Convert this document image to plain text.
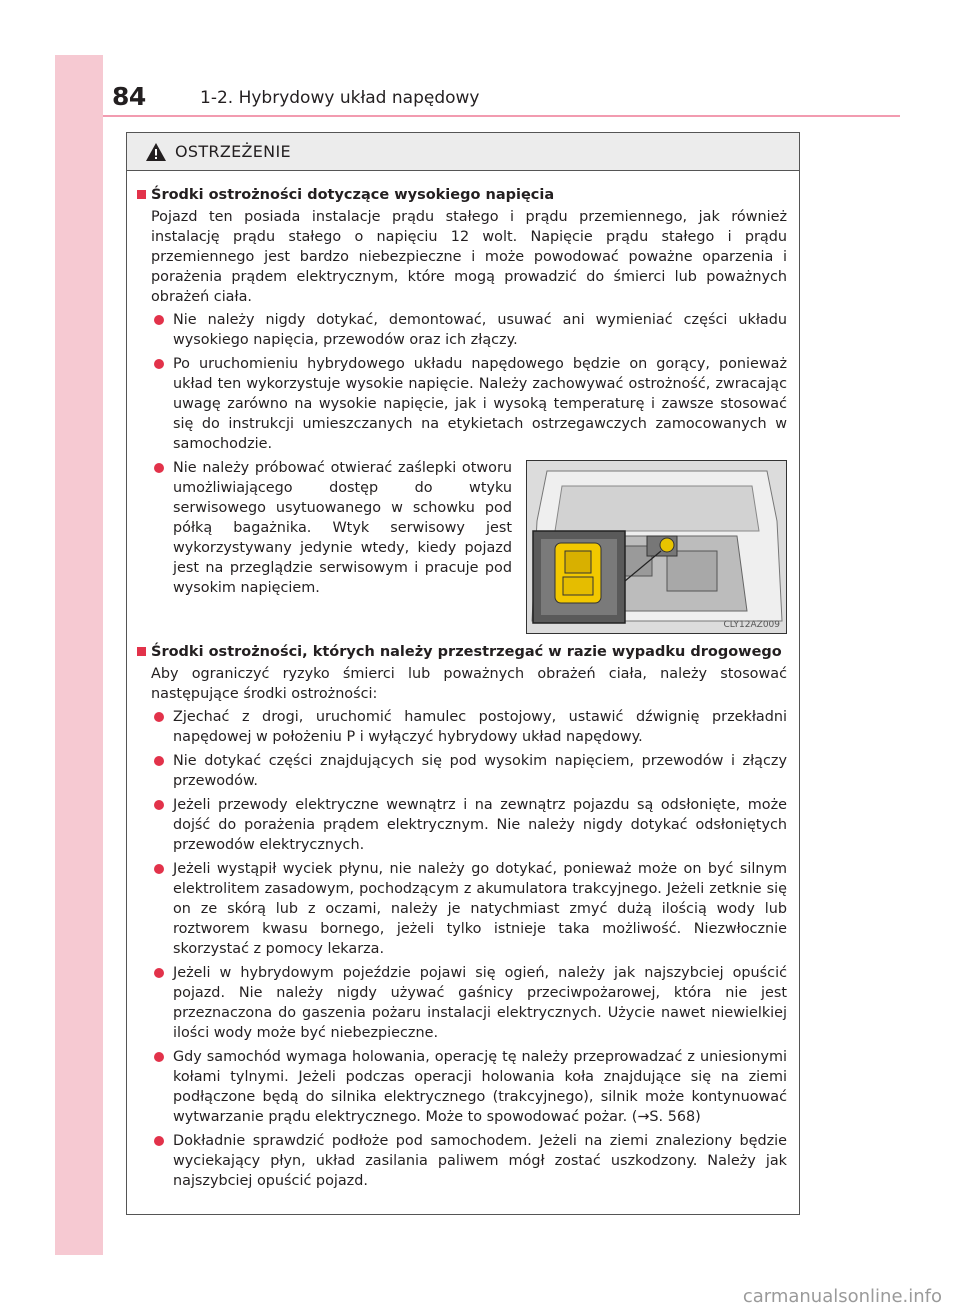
84	1-2. Hybrydowy układ napędowy
OSTRZEŻENIE
Środki ostrożności dotyczące wysokiego napięcia
Pojazd ten posiada instalacje prądu stałego i prądu przemiennego, jak również instalację prądu stałego o napięciu 12 wolt. Napięcie prądu stałego i prądu przemiennego jest bardzo niebezpieczne i może powodować poważne oparzenia i porażenia prądem elektrycznym, które mogą prowadzić do śmierci lub poważnych obrażeń ciała.
Nie należy nigdy dotykać, demontować, usuwać ani wymieniać części układu wysokiego napięcia, przewodów oraz ich złączy.
Po uruchomieniu hybrydowego układu napędowego będzie on gorący, ponieważ układ ten wykorzystuje wysokie napięcie. Należy zachowywać ostrożność, zwracając uwagę zarówno na wysokie napięcie, jak i wysoką temperaturę i zawsze stosować się do instrukcji umieszczanych na etykietach ostrzegawczych zamocowanych w samochodzie.
Nie należy próbować otwierać zaślepki otworu umożliwiającego dostęp do wtyku serwisowego usytuowanego w schowku pod półką bagażnika. Wtyk serwisowy jest wykorzystywany jedynie wtedy, kiedy pojazd jest na przeglądzie serwisowym i pracuje pod wysokim napięciem.
CLY12AZ009
Środki ostrożności, których należy przestrzegać w razie wypadku drogowego
Aby ograniczyć ryzyko śmierci lub poważnych obrażeń ciała, należy stosować następujące środki ostrożności:
Zjechać z drogi, uruchomić hamulec postojowy, ustawić dźwignię przekładni napędowej w położeniu P i wyłączyć hybrydowy układ napędowy.
Nie dotykać części znajdujących się pod wysokim napięciem, przewodów i złączy przewodów.
Jeżeli przewody elektryczne wewnątrz i na zewnątrz pojazdu są odsłonięte, może dojść do porażenia prądem elektrycznym. Nie należy nigdy dotykać odsłoniętych przewodów elektrycznych.
Jeżeli wystąpił wyciek płynu, nie należy go dotykać, ponieważ może on być silnym elektrolitem zasadowym, pochodzącym z akumulatora trakcyjnego. Jeżeli zetknie się on ze skórą lub z oczami, należy je natychmiast zmyć dużą ilością wody lub roztworem kwasu bornego, jeżeli tylko istnieje taka możliwość. Niezwłocznie skorzystać z pomocy lekarza.
Jeżeli w hybrydowym pojeździe pojawi się ogień, należy jak najszybciej opuścić pojazd. Nie należy nigdy używać gaśnicy przeciwpożarowej, która nie jest przeznaczona do gaszenia pożaru instalacji elektrycznych. Użycie nawet niewielkiej ilości wody może być niebezpieczne.
Gdy samochód wymaga holowania, operację tę należy przeprowadzać z uniesionymi kołami tylnymi. Jeżeli podczas operacji holowania koła znajdujące się na ziemi podłączone będą do silnika elektrycznego (trakcyjnego), silnik może kontynuować wytwarzanie prądu elektrycznego. Może to spowodować pożar. (→S. 568)
Dokładnie sprawdzić podłoże pod samochodem. Jeżeli na ziemi znaleziony będzie wyciekający płyn, układ zasilania paliwem mógł zostać uszkodzony. Należy jak najszybciej opuścić pojazd.
carmanualsonline.info
